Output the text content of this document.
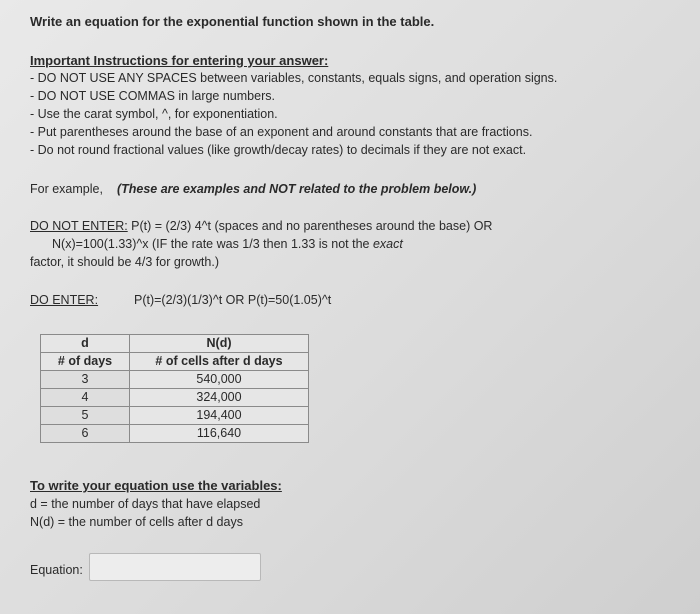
Write an equation for the exponential function shown in the table.
Important Instructions for entering your answer:
- DO NOT USE ANY SPACES between variables, constants, equals signs, and operation signs.
- DO NOT USE COMMAS in large numbers.
- Use the carat symbol, ^, for exponentiation.
- Put parentheses around the base of an exponent and around constants that are fractions.
- Do not round fractional values (like growth/decay rates) to decimals if they are not exact.
For example, (These are examples and NOT related to the problem below.)
DO NOT ENTER: P(t) = (2/3) 4^t (spaces and no parentheses around the base) OR
N(x)=100(1.33)^x (IF the rate was 1/3 then 1.33 is not the exact
factor, it should be 4/3 for growth.)
DO ENTER:	P(t)=(2/3)(1/3)^t OR P(t)=50(1.05)^t
d	N(d)
# of days	# of cells after d days
3	540,000
4	324,000
5	194,400
6	116,640
To write your equation use the variables:
d = the number of days that have elapsed
N(d) = the number of cells after d days
Equation:
